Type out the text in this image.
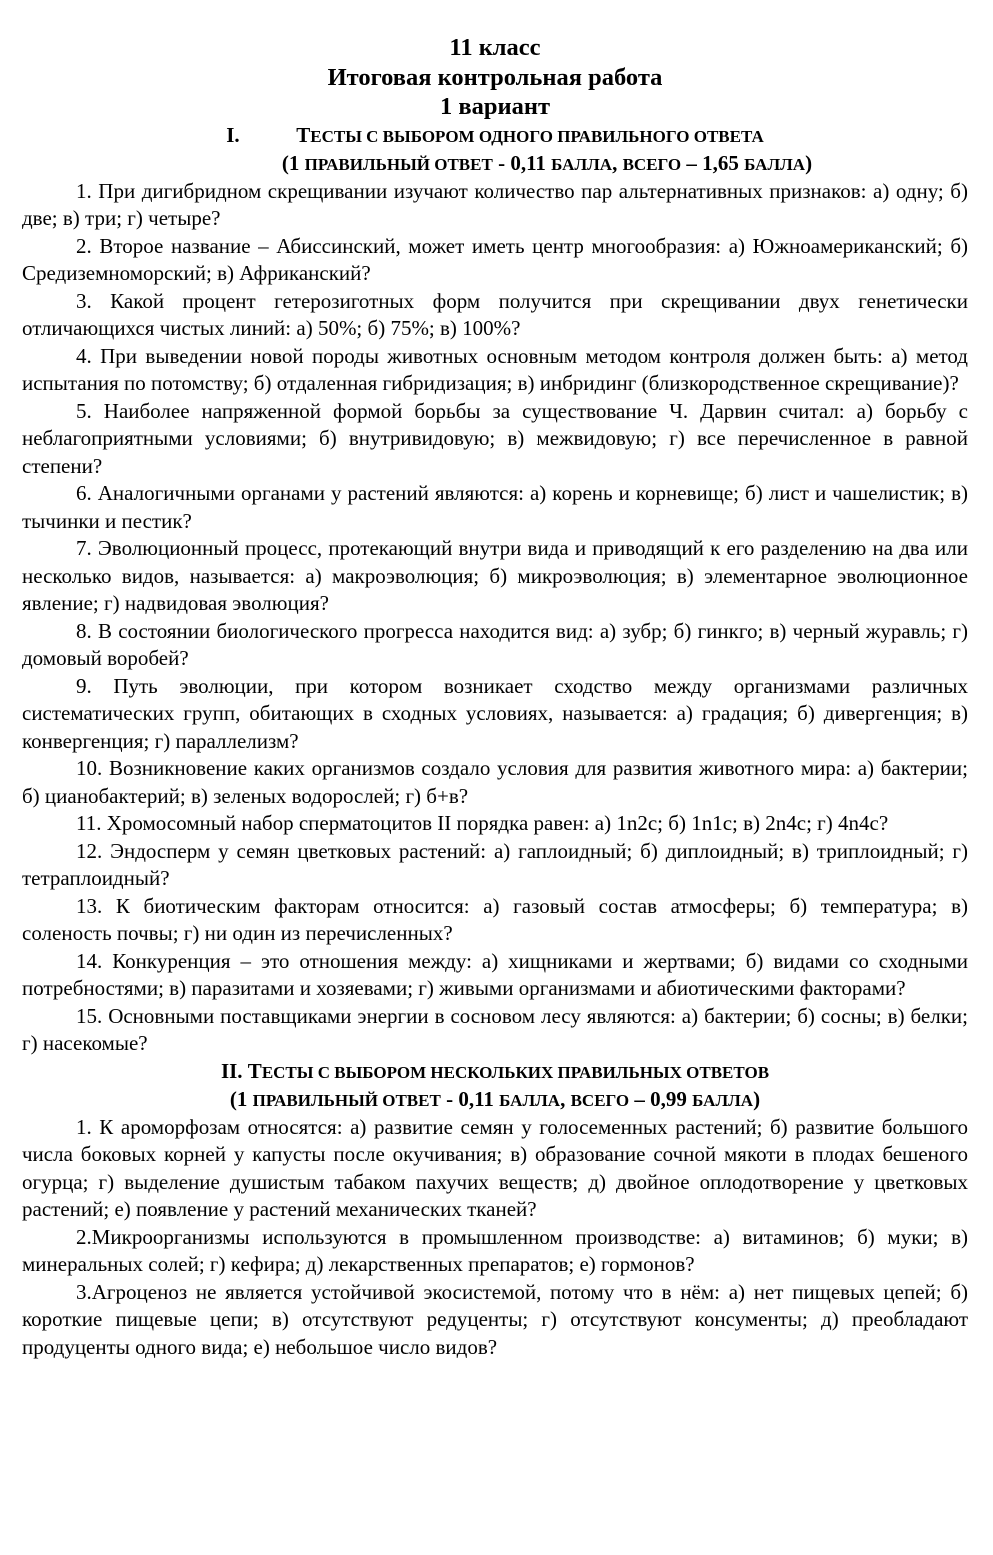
11 класс
Итоговая контрольная работа
1 вариант
I.	ТЕСТЫ С ВЫБОРОМ ОДНОГО ПРАВИЛЬНОГО ОТВЕТА
(1 ПРАВИЛЬНЫЙ ОТВЕТ - 0,11 БАЛЛА, ВСЕГО – 1,65 БАЛЛА)

1. При дигибридном скрещивании изучают количество пар альтернативных признаков: а) одну; б) две; в) три; г) четыре?

2. Второе название – Абиссинский, может иметь центр многообразия: а) Южноамериканский; б) Средиземноморский; в) Африканский?

3. Какой процент гетерозиготных форм получится при скрещивании двух генетически отличающихся чистых линий: а) 50%; б) 75%; в) 100%?

4. При выведении новой породы животных основным методом контроля должен быть: а) метод испытания по потомству; б) отдаленная гибридизация; в) инбридинг (близкородственное скрещивание)?

5. Наиболее напряженной формой борьбы за существование Ч. Дарвин считал: а) борьбу с неблагоприятными условиями; б) внутривидовую; в) межвидовую; г) все перечисленное в равной степени?

6. Аналогичными органами у растений являются: а) корень и корневище; б) лист и чашелистик; в) тычинки и пестик?

7. Эволюционный процесс, протекающий внутри вида и приводящий к его разделению на два или несколько видов, называется: а) макроэволюция; б) микроэволюция; в) элементарное эволюционное явление; г) надвидовая эволюция?

8. В состоянии биологического прогресса находится вид: а) зубр; б) гинкго; в) черный журавль; г) домовый воробей?

9. Путь эволюции, при котором возникает сходство между организмами различных систематических групп, обитающих в сходных условиях, называется: а) градация; б) дивергенция; в) конвергенция; г) параллелизм?

10. Возникновение каких организмов создало условия для развития животного мира: а) бактерии; б) цианобактерий; в) зеленых водорослей; г) б+в?

11. Хромосомный набор сперматоцитов II порядка равен: а) 1n2c; б) 1n1c; в) 2n4c; г) 4n4c?

12. Эндосперм у семян цветковых растений: а) гаплоидный; б) диплоидный; в) триплоидный; г) тетраплоидный?

13. К биотическим факторам относится: а) газовый состав атмосферы; б) температура; в) соленость почвы; г) ни один из перечисленных?

14. Конкуренция – это отношения между: а) хищниками и жертвами; б) видами со сходными потребностями; в) паразитами и хозяевами; г) живыми организмами и абиотическими факторами?

15. Основными поставщиками энергии в сосновом лесу являются: а) бактерии; б) сосны; в) белки; г) насекомые?

II. ТЕСТЫ С ВЫБОРОМ НЕСКОЛЬКИХ ПРАВИЛЬНЫХ ОТВЕТОВ
(1 ПРАВИЛЬНЫЙ ОТВЕТ - 0,11 БАЛЛА, ВСЕГО – 0,99 БАЛЛА)

1. К ароморфозам относятся: а) развитие семян у голосеменных растений; б) развитие большого числа боковых корней у капусты после окучивания; в) образование сочной мякоти в плодах бешеного огурца; г) выделение душистым табаком пахучих веществ; д) двойное оплодотворение у цветковых растений; е) появление у растений механических тканей?

2.Микроорганизмы используются в промышленном производстве: а) витаминов; б) муки; в) минеральных солей; г) кефира; д) лекарственных препаратов; е) гормонов?

3.Агроценоз не является устойчивой экосистемой, потому что в нём: а) нет пищевых цепей; б) короткие пищевые цепи; в) отсутствуют редуценты; г) отсутствуют консументы; д) преобладают продуценты одного вида; е) небольшое число видов?
